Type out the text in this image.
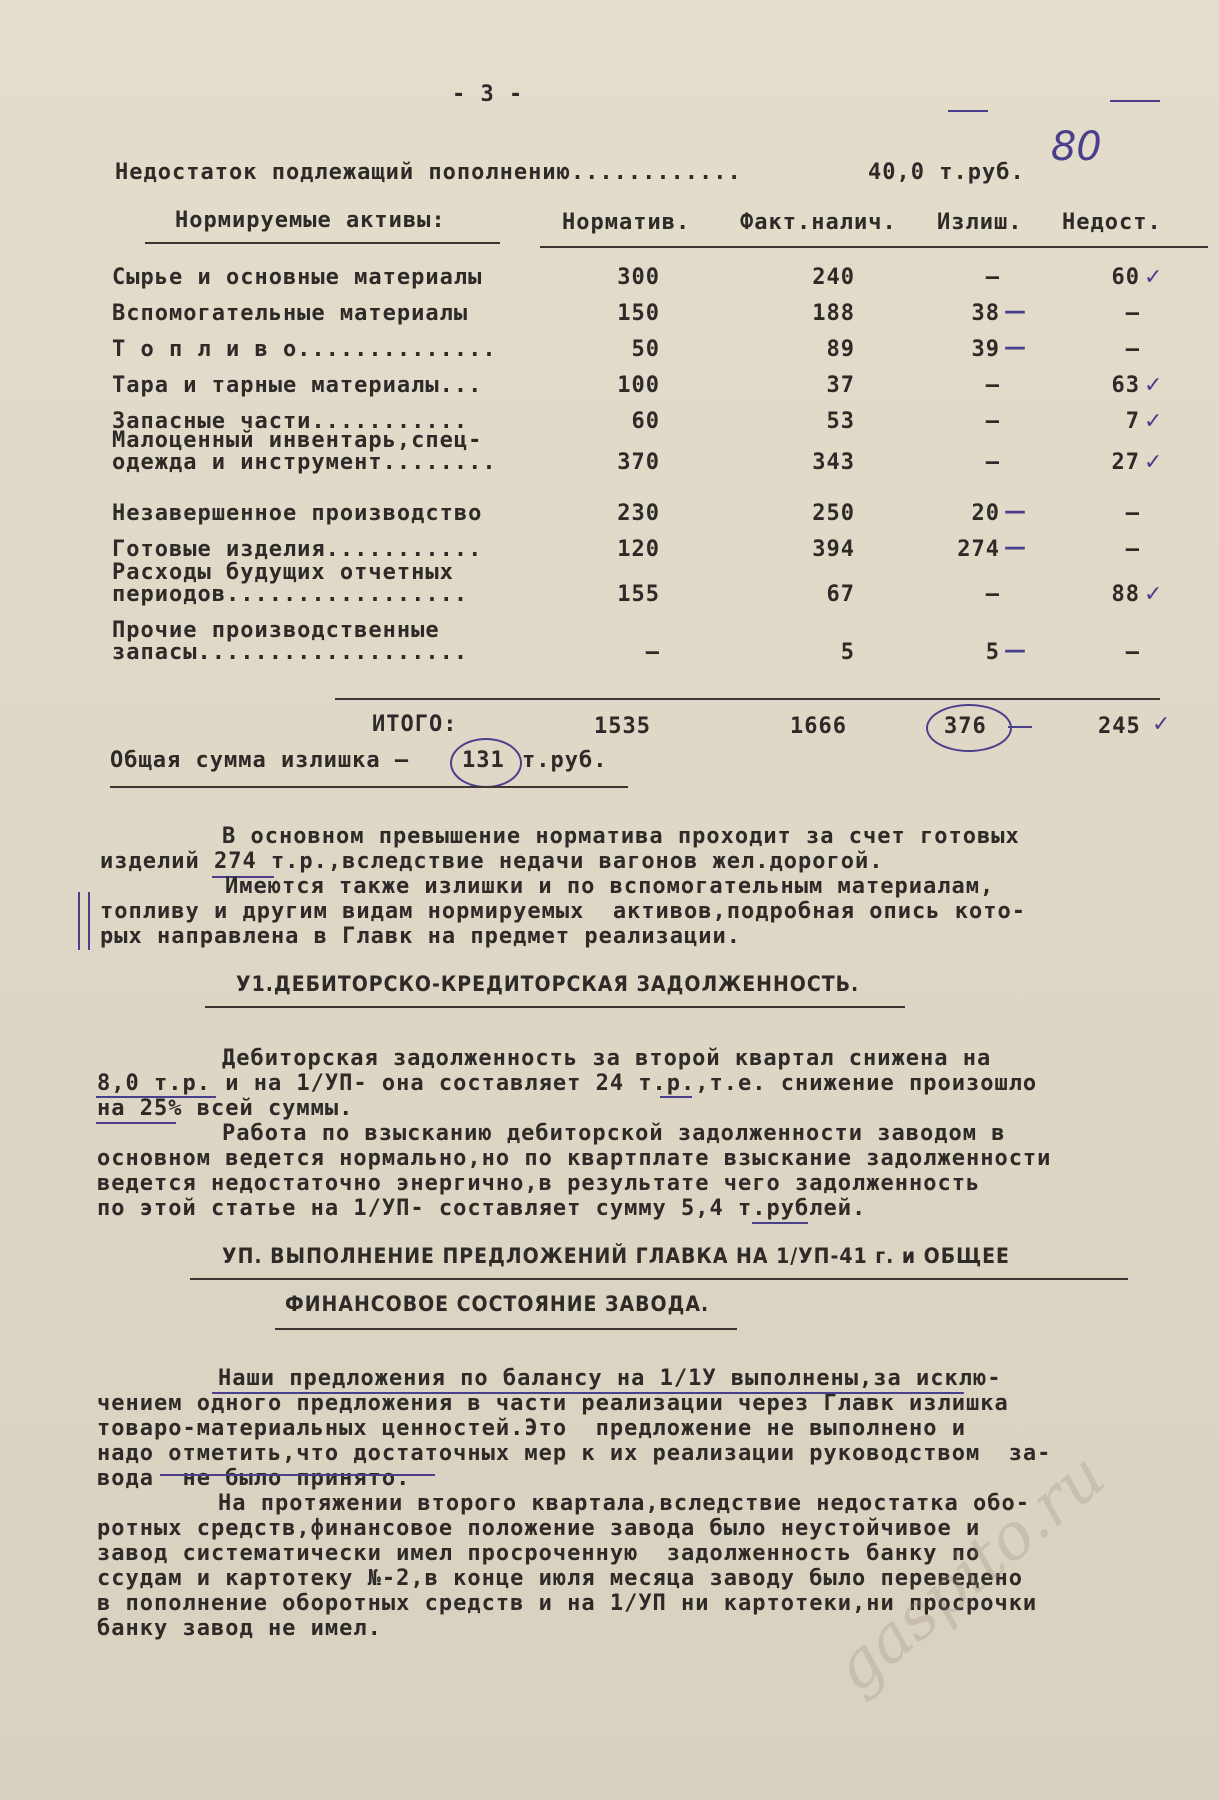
- 3 -

80

Недостаток подлежащий пополнению............	40,0 т.руб.
Нормируемые активы:	Норматив. Факт.налич. Излиш. Недост.
Сырье и основные материалы	300	240	–	60 ✓
Вспомогательные материалы	150	188	38	–
—
Т о п л и в о..............	50	89	39	–
—
Тара и тарные материалы...	100	37	–	63 ✓
Запасные части...........	60	53	–	7 ✓
Малоценный инвентарь,спец-
одежда и инструмент........	370	343	–	27 ✓
Незавершенное производство	230	250	20	–
—
Готовые изделия...........	120	394	274	–
—
Расходы будущих отчетных
периодов.................	155	67	–	88 ✓
Прочие производственные
запасы...................	–	5	5	–
—
ИТОГО:	1535	1666	376	245 ✓
Общая сумма излишка – 131 т.руб.
В основном превышение норматива проходит за счет готовых
изделий 274 т.р.,вследствие недачи вагонов жел.дорогой.
Имеются также излишки и по вспомогательным материалам,
топливу и другим видам нормируемых  активов,подробная опись кото-
рых направлена в Главк на предмет реализации.
У1.ДЕБИТОРСКО-КРЕДИТОРСКАЯ ЗАДОЛЖЕННОСТЬ.
Дебиторская задолженность за второй квартал снижена на
8,0 т.р. и на 1/УП- она составляет 24 т.р.,т.е. снижение произошло
на 25% всей суммы.
Работа по взысканию дебиторской задолженности заводом в
основном ведется нормально,но по квартплате взыскание задолженности
ведется недостаточно энергично,в результате чего задолженность
по этой статье на 1/УП- составляет сумму 5,4 т.рублей.
УП. ВЫПОЛНЕНИЕ ПРЕДЛОЖЕНИЙ ГЛАВКА НА 1/УП-41 г. и ОБЩЕЕ
ФИНАНСОВОЕ СОСТОЯНИЕ ЗАВОДА.
Наши предложения по балансу на 1/1У выполнены,за исклю-
чением одного предложения в части реализации через Главк излишка
товаро-материальных ценностей.Это  предложение не выполнено и
надо отметить,что достаточных мер к их реализации руководством  за-
вода  не было принято.
На протяжении второго квартала,вследствие недостатка обо-
ротных средств,финансовое положение завода было неустойчивое и
завод систематически имел просроченную  задолженность банку по
ссудам и картотеку №-2,в конце июля месяца заводу было переведено
в пополнение оборотных средств и на 1/УП ни картотеки,ни просрочки
банку завод не имел.	gaspito.ru
